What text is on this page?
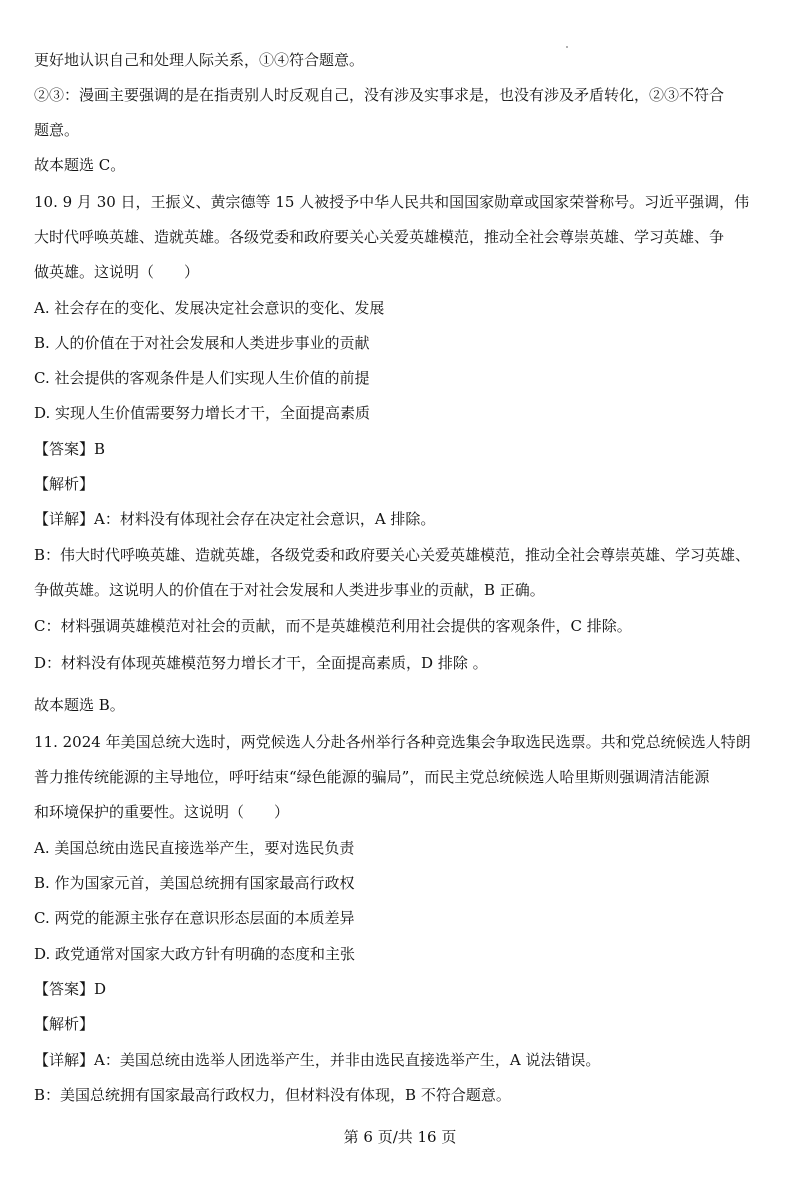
更好地认识自己和处理人际关系，①④符合题意。
②③：漫画主要强调的是在指责别人时反观自己，没有涉及实事求是，也没有涉及矛盾转化，②③不符合
题意。
故本题选 C。
10. 9 月 30 日，王振义、黄宗德等 15 人被授予中华人民共和国国家勋章或国家荣誉称号。习近平强调，伟
大时代呼唤英雄、造就英雄。各级党委和政府要关心关爱英雄模范，推动全社会尊崇英雄、学习英雄、争
做英雄。这说明（　　）
A. 社会存在的变化、发展决定社会意识的变化、发展
B. 人的价值在于对社会发展和人类进步事业的贡献
C. 社会提供的客观条件是人们实现人生价值的前提
D. 实现人生价值需要努力增长才干，全面提高素质
【答案】B
【解析】
【详解】A：材料没有体现社会存在决定社会意识，A 排除。
B：伟大时代呼唤英雄、造就英雄，各级党委和政府要关心关爱英雄模范，推动全社会尊崇英雄、学习英雄、
争做英雄。这说明人的价值在于对社会发展和人类进步事业的贡献，B 正确。
C：材料强调英雄模范对社会的贡献，而不是英雄模范利用社会提供的客观条件，C 排除。
D：材料没有体现英雄模范努力增长才干，全面提高素质，D 排除 。
故本题选 B。
11. 2024 年美国总统大选时，两党候选人分赴各州举行各种竞选集会争取选民选票。共和党总统候选人特朗
普力推传统能源的主导地位，呼吁结束“绿色能源的骗局”，而民主党总统候选人哈里斯则强调清洁能源
和环境保护的重要性。这说明（　　）
A. 美国总统由选民直接选举产生，要对选民负责
B. 作为国家元首，美国总统拥有国家最高行政权
C. 两党的能源主张存在意识形态层面的本质差异
D. 政党通常对国家大政方针有明确的态度和主张
【答案】D
【解析】
【详解】A：美国总统由选举人团选举产生，并非由选民直接选举产生，A 说法错误。
B：美国总统拥有国家最高行政权力，但材料没有体现，B 不符合题意。
第 6 页/共 16 页
